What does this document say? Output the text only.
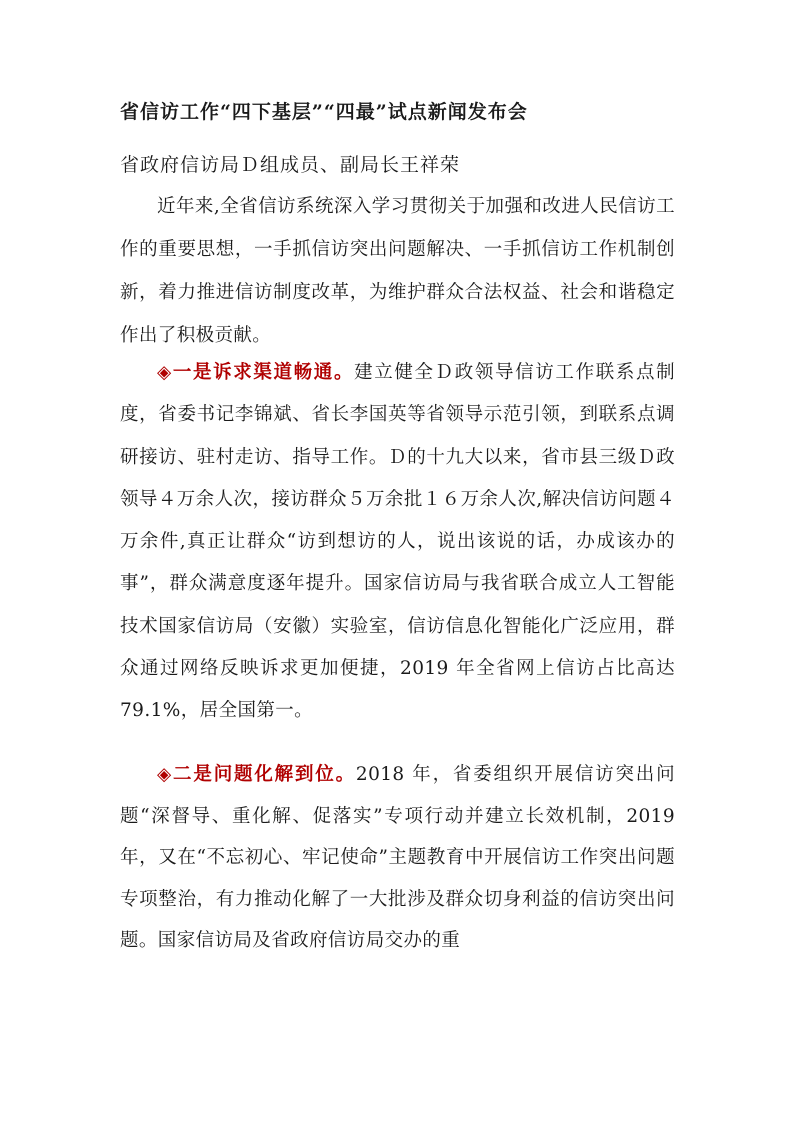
省信访工作“四下基层”“四最”试点新闻发布会
省政府信访局Ｄ组成员、副局长王祥荣

近年来,全省信访系统深入学习贯彻关于加强和改进人民信访工作的重要思想，一手抓信访突出问题解决、一手抓信访工作机制创新，着力推进信访制度改革，为维护群众合法权益、社会和谐稳定作出了积极贡献。

◈一是诉求渠道畅通。建立健全Ｄ政领导信访工作联系点制度，省委书记李锦斌、省长李国英等省领导示范引领，到联系点调研接访、驻村走访、指导工作。Ｄ的十九大以来，省市县三级Ｄ政领导４万余人次，接访群众５万余批１６万余人次,解决信访问题４万余件,真正让群众“访到想访的人，说出该说的话，办成该办的事”，群众满意度逐年提升。国家信访局与我省联合成立人工智能技术国家信访局（安徽）实验室，信访信息化智能化广泛应用，群众通过网络反映诉求更加便捷，2019 年全省网上信访占比高达 79.1%，居全国第一。

◈二是问题化解到位。2018 年，省委组织开展信访突出问题“深督导、重化解、促落实”专项行动并建立长效机制，2019 年，又在“不忘初心、牢记使命”主题教育中开展信访工作突出问题专项整治，有力推动化解了一大批涉及群众切身利益的信访突出问题。国家信访局及省政府信访局交办的重
